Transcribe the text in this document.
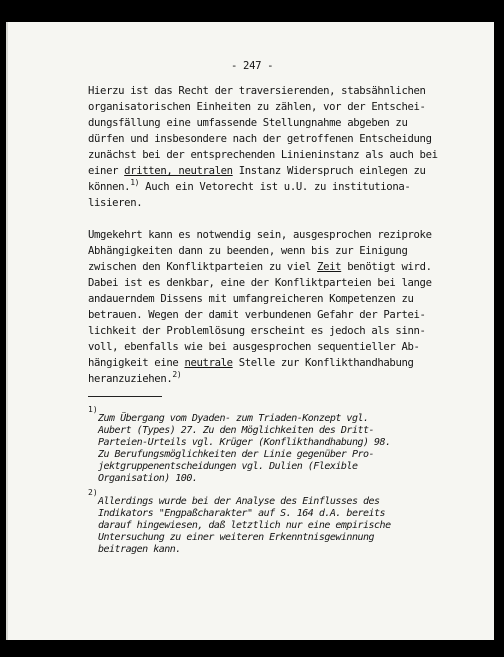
- 247 -
Hierzu ist das Recht der traversierenden, stabsähnlichen
organisatorischen Einheiten zu zählen, vor der Entschei-
dungsfällung eine umfassende Stellungnahme abgeben zu
dürfen und insbesondere nach der getroffenen Entscheidung
zunächst bei der entsprechenden Linieninstanz als auch bei
einer dritten, neutralen Instanz Widerspruch einlegen zu
können.$^{1)}$ Auch ein Vetorecht ist u.U. zu institutiona-
lisieren.
Umgekehrt kann es notwendig sein, ausgesprochen reziproke
Abhängigkeiten dann zu beenden, wenn bis zur Einigung
zwischen den Konfliktparteien zu viel Zeit benötigt wird.
Dabei ist es denkbar, eine der Konfliktparteien bei lange
andauerndem Dissens mit umfangreicheren Kompetenzen zu
betrauen. Wegen der damit verbundenen Gefahr der Partei-
lichkeit der Problemlösung erscheint es jedoch als sinn-
voll, ebenfalls wie bei ausgesprochen sequentieller Ab-
hängigkeit eine neutrale Stelle zur Konflikthandhabung
heranzuziehen.$^{2)}$
1)
Zum Übergang vom Dyaden- zum Triaden-Konzept vgl.
Aubert (Types) 27. Zu den Möglichkeiten des Dritt-
Parteien-Urteils vgl. Krüger (Konflikthandhabung) 98.
Zu Berufungsmöglichkeiten der Linie gegenüber Pro-
jektgruppenentscheidungen vgl. Dulien (Flexible
Organisation) 100.
2)
Allerdings wurde bei der Analyse des Einflusses des
Indikators "Engpaßcharakter" auf S. 164 d.A. bereits
darauf hingewiesen, daß letztlich nur eine empirische
Untersuchung zu einer weiteren Erkenntnisgewinnung
beitragen kann.
